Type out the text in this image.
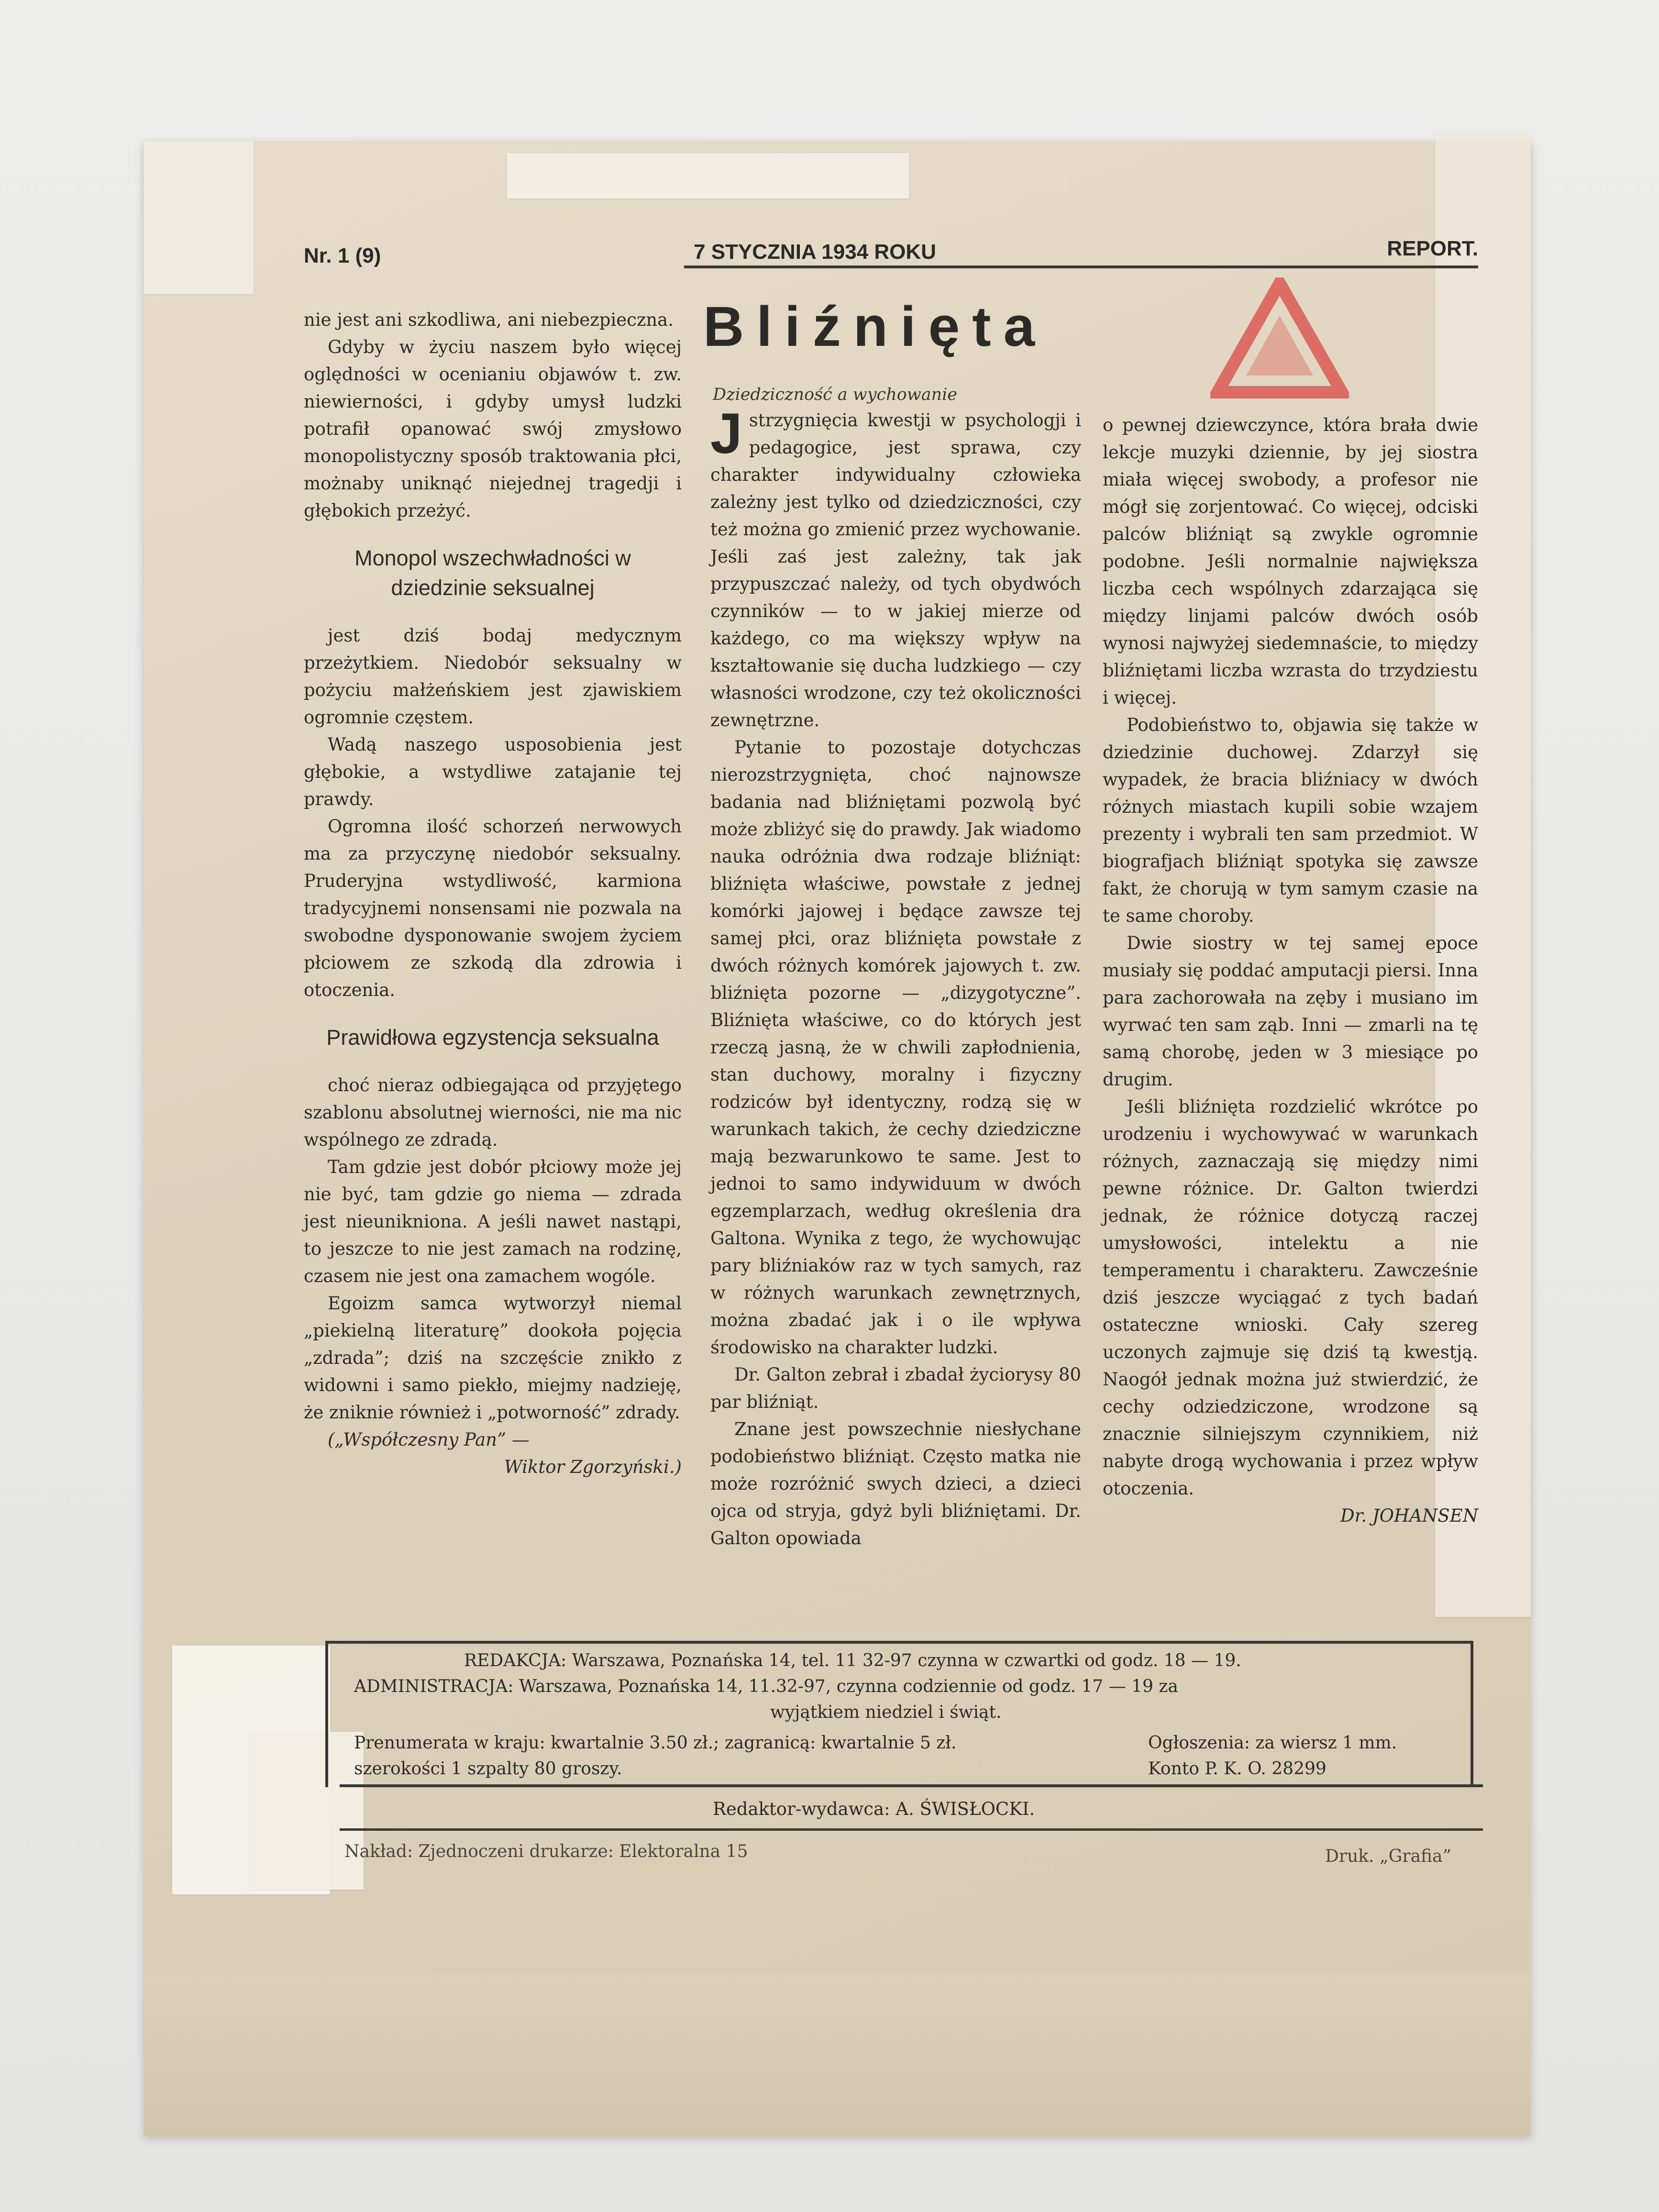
Nr. 1 (9)	7 STYCZNIA 1934 ROKU	REPORT.
Bliźnięta
Dziedziczność a wychowanie

nie jest ani szkodliwa, ani niebezpieczna.

Gdyby w życiu naszem było więcej oględności w ocenianiu objawów t. zw. niewierności, i gdyby umysł ludzki potrafił opanować swój zmysłowo monopolistyczny sposób traktowania płci, możnaby uniknąć niejednej tragedji i głębokich przeżyć.

Monopol wszechwładności w dziedzinie seksualnej

jest dziś bodaj medycznym przeżytkiem. Niedobór seksualny w pożyciu małżeńskiem jest zjawiskiem ogromnie częstem.

Wadą naszego usposobienia jest głębokie, a wstydliwe zatajanie tej prawdy.

Ogromna ilość schorzeń nerwowych ma za przyczynę niedobór seksualny. Pruderyjna wstydliwość, karmiona tradycyjnemi nonsensami nie pozwala na swobodne dysponowanie swojem życiem płciowem ze szkodą dla zdrowia i otoczenia.

Prawidłowa egzystencja seksualna

choć nieraz odbiegająca od przyjętego szablonu absolutnej wierności, nie ma nic wspólnego ze zdradą.

Tam gdzie jest dobór płciowy może jej nie być, tam gdzie go niema — zdrada jest nieunikniona. A jeśli nawet nastąpi, to jeszcze to nie jest zamach na rodzinę, czasem nie jest ona zamachem wogóle.

Egoizm samca wytworzył niemal „piekielną literaturę” dookoła pojęcia „zdrada”; dziś na szczęście znikło z widowni i samo piekło, miejmy nadzieję, że zniknie również i „potworność” zdrady.

(„Współczesny Pan” —

Wiktor Zgorzyński.)

Jstrzygnięcia kwestji w psychologji i pedagogice, jest sprawa, czy charakter indywidualny człowieka zależny jest tylko od dziedziczności, czy też można go zmienić przez wychowanie. Jeśli zaś jest zależny, tak jak przypuszczać należy, od tych obydwóch czynników — to w jakiej mierze od każdego, co ma większy wpływ na kształtowanie się ducha ludzkiego — czy własności wrodzone, czy też okoliczności zewnętrzne.

Pytanie to pozostaje dotychczas nierozstrzygnięta, choć najnowsze badania nad bliźniętami pozwolą być może zbliżyć się do prawdy. Jak wiadomo nauka odróżnia dwa rodzaje bliźniąt: bliźnięta właściwe, powstałe z jednej komórki jajowej i będące zawsze tej samej płci, oraz bliźnięta powstałe z dwóch różnych komórek jajowych t. zw. bliźnięta pozorne — „dizygotyczne”. Bliźnięta właściwe, co do których jest rzeczą jasną, że w chwili zapłodnienia, stan duchowy, moralny i fizyczny rodziców był identyczny, rodzą się w warunkach takich, że cechy dziedziczne mają bezwarunkowo te same. Jest to jednoi to samo indywiduum w dwóch egzemplarzach, według określenia dra Galtona. Wynika z tego, że wychowując pary bliźniaków raz w tych samych, raz w różnych warunkach zewnętrznych, można zbadać jak i o ile wpływa środowisko na charakter ludzki.

Dr. Galton zebrał i zbadał życiorysy 80 par bliźniąt.

Znane jest powszechnie niesłychane podobieństwo bliźniąt. Często matka nie może rozróżnić swych dzieci, a dzieci ojca od stryja, gdyż byli bliźniętami. Dr. Galton opowiada

o pewnej dziewczynce, która brała dwie lekcje muzyki dziennie, by jej siostra miała więcej swobody, a profesor nie mógł się zorjentować. Co więcej, odciski palców bliźniąt są zwykle ogromnie podobne. Jeśli normalnie największa liczba cech wspólnych zdarzająca się między linjami palców dwóch osób wynosi najwyżej siedemnaście, to między bliźniętami liczba wzrasta do trzydziestu i więcej.

Podobieństwo to, objawia się także w dziedzinie duchowej. Zdarzył się wypadek, że bracia bliźniacy w dwóch różnych miastach kupili sobie wzajem prezenty i wybrali ten sam przedmiot. W biografjach bliźniąt spotyka się zawsze fakt, że chorują w tym samym czasie na te same choroby.

Dwie siostry w tej samej epoce musiały się poddać amputacji piersi. Inna para zachorowała na zęby i musiano im wyrwać ten sam ząb. Inni — zmarli na tę samą chorobę, jeden w 3 miesiące po drugim.

Jeśli bliźnięta rozdzielić wkrótce po urodzeniu i wychowywać w warunkach różnych, zaznaczają się między nimi pewne różnice. Dr. Galton twierdzi jednak, że różnice dotyczą raczej umysłowości, intelektu a nie temperamentu i charakteru. Zawcześnie dziś jeszcze wyciągać z tych badań ostateczne wnioski. Cały szereg uczonych zajmuje się dziś tą kwestją. Naogół jednak można już stwierdzić, że cechy odziedziczone, wrodzone są znacznie silniejszym czynnikiem, niż nabyte drogą wychowania i przez wpływ otoczenia.

Dr. JOHANSEN

REDAKCJA: Warszawa, Poznańska 14, tel. 11 32-97 czynna w czwartki od godz. 18 — 19.
ADMINISTRACJA: Warszawa, Poznańska 14, 11.32-97, czynna codziennie od godz. 17 — 19 za
wyjątkiem niedziel i świąt.
Prenumerata w kraju: kwartalnie 3.50 zł.; zagranicą: kwartalnie 5 zł.	Ogłoszenia: za wiersz 1 mm.
szerokości 1 szpalty 80 groszy.	Konto P. K. O. 28299
Redaktor-wydawca: A. ŚWISŁOCKI.
Nakład: Zjednoczeni drukarze: Elektoralna 15	Druk. „Grafia”
